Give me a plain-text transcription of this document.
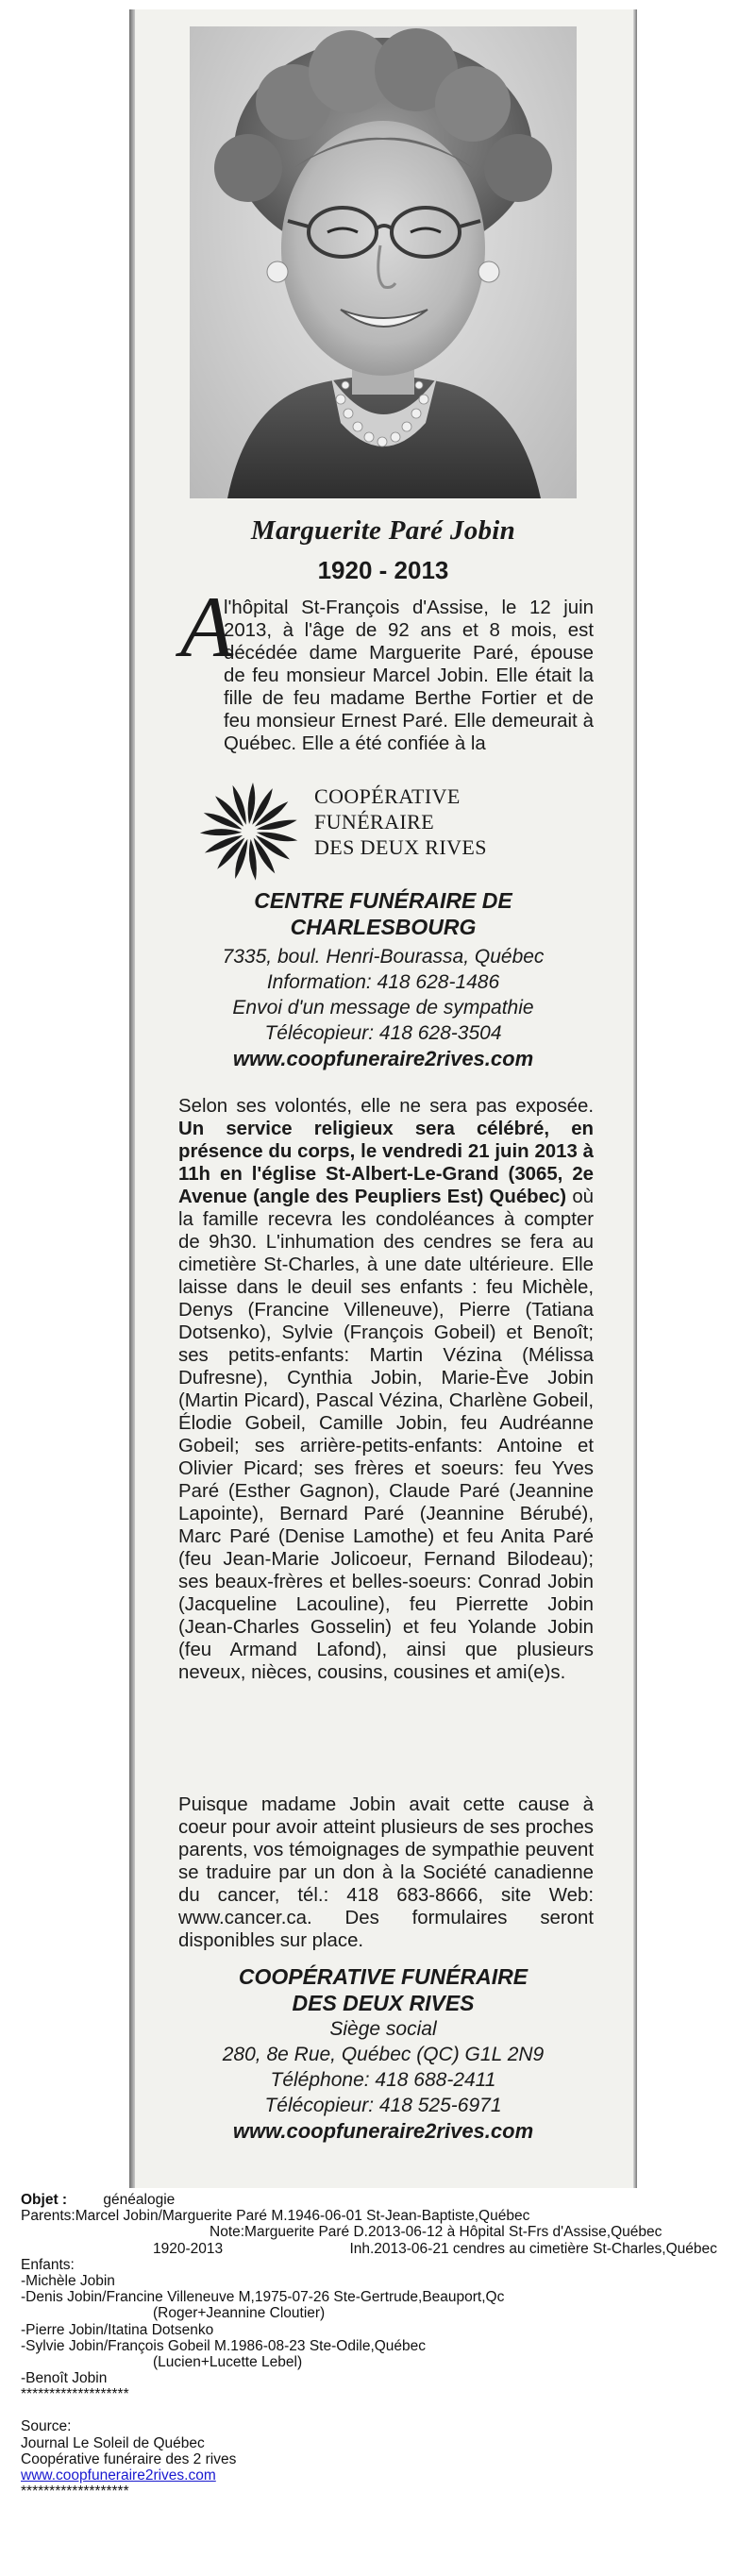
Marguerite Paré Jobin
1920 - 2013
A
l'hôpital St-François d'Assise, le 12 juin 2013, à l'âge de 92 ans et 8 mois, est décédée dame Marguerite Paré, épouse de feu monsieur Marcel Jobin. Elle était la fille de feu madame Berthe Fortier et de feu monsieur Ernest Paré. Elle demeurait à Québec. Elle a été confiée à la
COOPÉRATIVE
FUNÉRAIRE
DES DEUX RIVES
CENTRE FUNÉRAIRE DE
CHARLESBOURG
7335, boul. Henri-Bourassa, Québec
Information: 418 628-1486
Envoi d'un message de sympathie
Télécopieur: 418 628-3504
www.coopfuneraire2rives.com
Selon ses volontés, elle ne sera pas exposée. Un service religieux sera célébré, en présence du corps, le vendredi 21 juin 2013 à 11h en l'église St-Albert-Le-Grand (3065, 2e Avenue (angle des Peupliers Est) Québec) où la famille recevra les condoléances à compter de 9h30. L'inhumation des cendres se fera au cimetière St-Charles, à une date ultérieure. Elle laisse dans le deuil ses enfants : feu Michèle, Denys (Francine Villeneuve), Pierre (Tatiana Dotsenko), Sylvie (François Gobeil) et Benoît; ses petits-enfants: Martin Vézina (Mélissa Dufresne), Cynthia Jobin, Marie-Ève Jobin (Martin Picard), Pascal Vézina, Charlène Gobeil, Élodie Gobeil, Camille Jobin, feu Audréanne Gobeil; ses arrière-petits-enfants: Antoine et Olivier Picard; ses frères et soeurs: feu Yves Paré (Esther Gagnon), Claude Paré (Jeannine Lapointe), Bernard Paré (Jeannine Bérubé), Marc Paré (Denise Lamothe) et feu Anita Paré (feu Jean-Marie Jolicoeur, Fernand Bilodeau); ses beaux-frères et belles-soeurs: Conrad Jobin (Jacqueline Lacouline), feu Pierrette Jobin (Jean-Charles Gosselin) et feu Yolande Jobin (feu Armand Lafond), ainsi que plusieurs neveux, nièces, cousins, cousines et ami(e)s.
Puisque madame Jobin avait cette cause à coeur pour avoir atteint plusieurs de ses proches parents, vos témoignages de sympathie peuvent se traduire par un don à la Société canadienne du cancer, tél.: 418 683-8666, site Web: www.cancer.ca. Des formulaires seront disponibles sur place.
COOPÉRATIVE FUNÉRAIRE
DES DEUX RIVES
Siège social
280, 8e Rue, Québec (QC) G1L 2N9
Téléphone: 418 688-2411
Télécopieur: 418 525-6971
www.coopfuneraire2rives.com
Objet : généalogie
Parents:Marcel Jobin/Marguerite Paré M.1946-06-01 St-Jean-Baptiste,Québec
Note:Marguerite Paré D.2013-06-12 à Hôpital St-Frs d'Assise,Québec
1920-2013	Inh.2013-06-21 cendres au cimetière St-Charles,Québec
Enfants:
-Michèle Jobin
-Denis Jobin/Francine Villeneuve M,1975-07-26 Ste-Gertrude,Beauport,Qc
(Roger+Jeannine Cloutier)
-Pierre Jobin/Itatina Dotsenko
-Sylvie Jobin/François Gobeil M.1986-08-23 Ste-Odile,Québec
(Lucien+Lucette Lebel)
-Benoît Jobin
*******************
Source:
Journal Le Soleil de Québec
Coopérative funéraire des 2 rives
www.coopfuneraire2rives.com
*******************
